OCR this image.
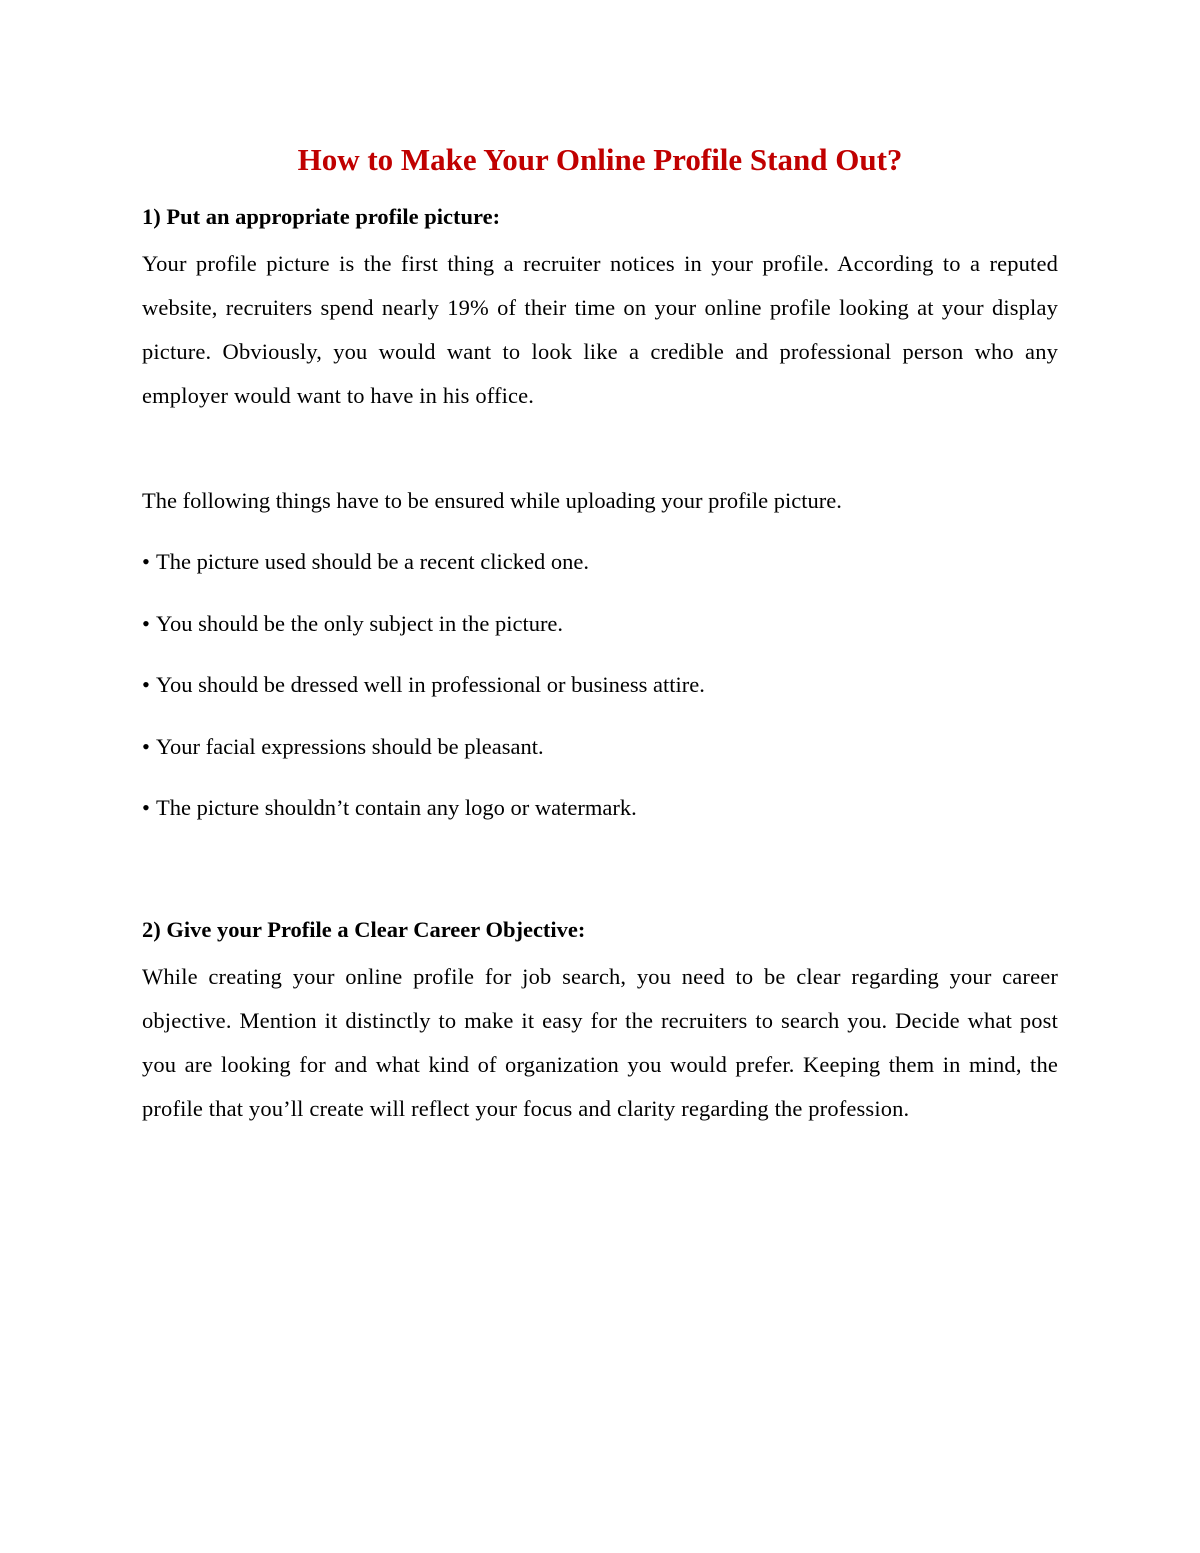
How to Make Your Online Profile Stand Out?
1) Put an appropriate profile picture:

Your profile picture is the first thing a recruiter notices in your profile. According to a reputed website, recruiters spend nearly 19% of their time on your online profile looking at your display picture. Obviously, you would want to look like a credible and professional person who any employer would want to have in his office.

The following things have to be ensured while uploading your profile picture.

• The picture used should be a recent clicked one.
• You should be the only subject in the picture.
• You should be dressed well in professional or business attire.
• Your facial expressions should be pleasant.
• The picture shouldn’t contain any logo or watermark.
2) Give your Profile a Clear Career Objective:

While creating your online profile for job search, you need to be clear regarding your career objective. Mention it distinctly to make it easy for the recruiters to search you. Decide what post you are looking for and what kind of organization you would prefer. Keeping them in mind, the profile that you’ll create will reflect your focus and clarity regarding the profession.
